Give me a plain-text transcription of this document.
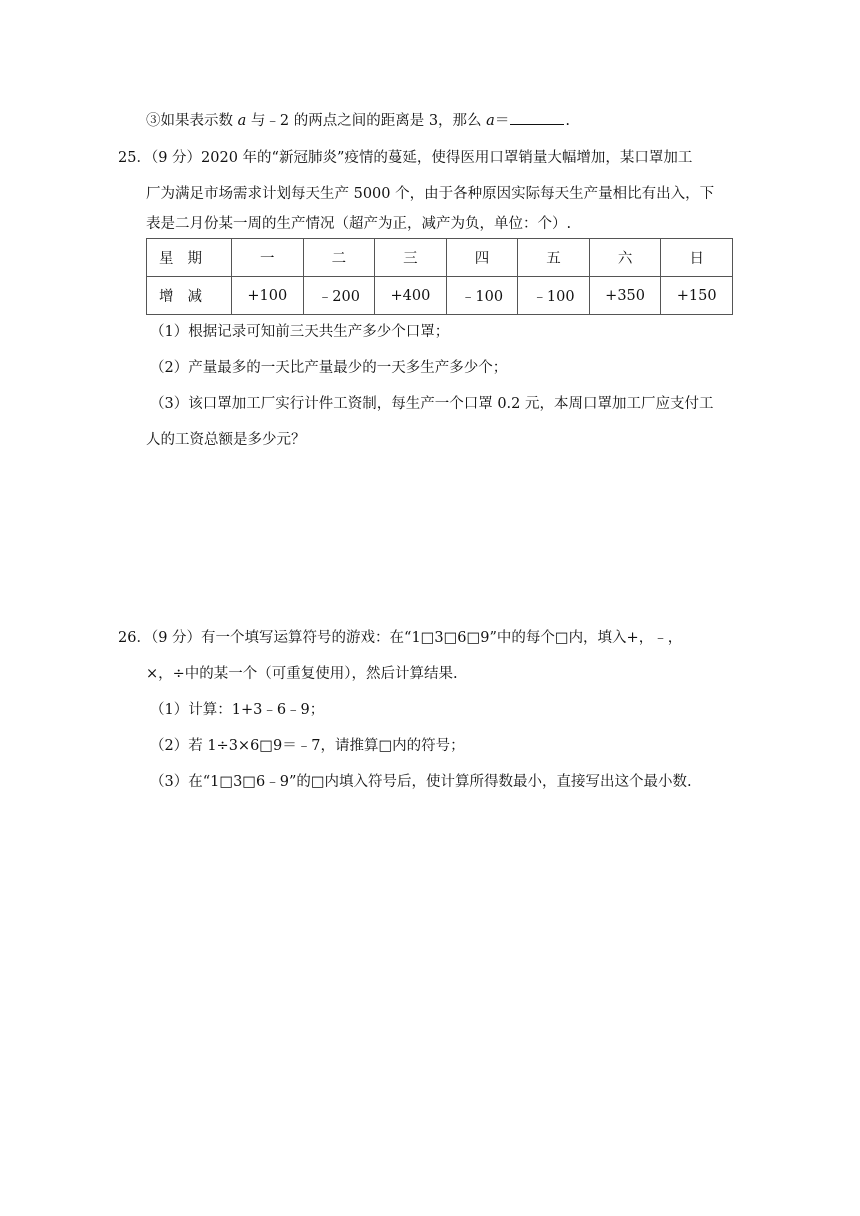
③如果表示数 a 与﹣2 的两点之间的距离是 3，那么 a＝	.
25．（9 分）2020 年的“新冠肺炎”疫情的蔓延，使得医用口罩销量大幅增加，某口罩加工
厂为满足市场需求计划每天生产 5000 个，由于各种原因实际每天生产量相比有出入，下
表是二月份某一周的生产情况（超产为正，减产为负，单位：个）.
星期	一	二	三	四	五	六	日
增减	+100	﹣200	+400	﹣100	﹣100	+350	+150
（1）根据记录可知前三天共生产多少个口罩；
（2）产量最多的一天比产量最少的一天多生产多少个；
（3）该口罩加工厂实行计件工资制，每生产一个口罩 0.2 元，本周口罩加工厂应支付工
人的工资总额是多少元？
26．（9 分）有一个填写运算符号的游戏：在“1□3□6□9”中的每个□内，填入+，﹣，
×，÷中的某一个（可重复使用），然后计算结果.
（1）计算：1+3﹣6﹣9；
（2）若 1÷3×6□9＝﹣7，请推算□内的符号；
（3）在“1□3□6﹣9”的□内填入符号后，使计算所得数最小，直接写出这个最小数.
